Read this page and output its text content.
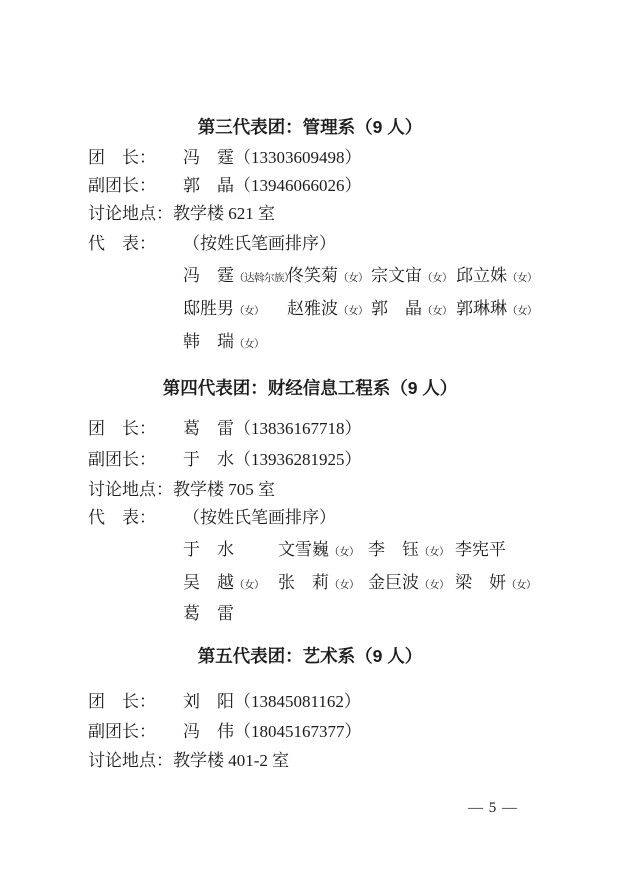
第三代表团：管理系（9 人）
团　长：	冯　霆（13303609498）
副团长：	郭　晶（13946066026）
讨论地点： 教学楼 621 室
代　表：	（按姓氏笔画排序）
冯　霆（达斡尔族）
佟笑菊（女） 宗文宙（女） 邱立姝（女）
邸胜男（女）	赵雅波（女） 郭　晶（女） 郭琳琳（女）
韩　瑞（女）
第四代表团：财经信息工程系（9 人）
团　长：	葛　雷（13836167718）
副团长：	于　水（13936281925）
讨论地点： 教学楼 705 室
代　表：	（按姓氏笔画排序）
于　水	文雪巍（女） 李　钰（女） 李宪平
吴　越（女） 张　莉（女） 金巨波（女） 梁　妍（女）
葛　雷
第五代表团：艺术系（9 人）
团　长：	刘　阳（13845081162）
副团长：	冯　伟（18045167377）
讨论地点： 教学楼 401-2 室
— 5 —
